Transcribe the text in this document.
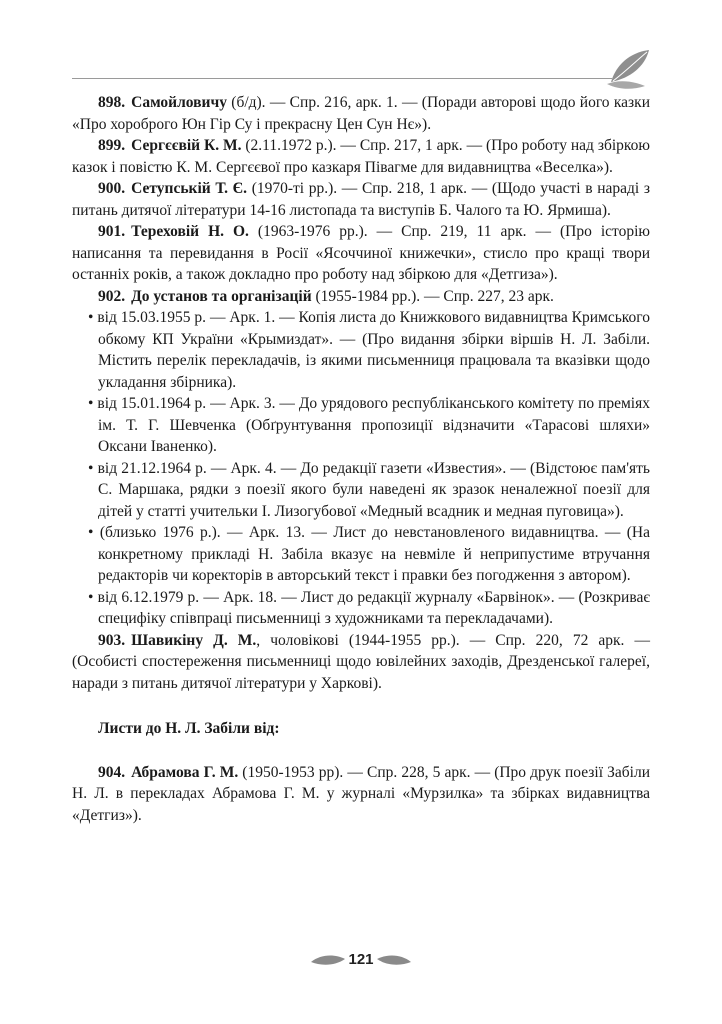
898. Самойловичу (б/д). — Спр. 216, арк. 1. — (Поради авторові щодо його казки «Про хороброго Юн Гір Су і прекрасну Цен Сун Нє»).

899. Сергєєвій К. М. (2.11.1972 р.). — Спр. 217, 1 арк. — (Про роботу над збіркою казок і повістю К. М. Сергєєвої про казкаря Півагме для видавництва «Веселка»).

900. Сетупській Т. Є. (1970-ті рр.). — Спр. 218, 1 арк. — (Щодо участі в нараді з питань дитячої літератури 14-16 листопада та виступів Б. Чалого та Ю. Ярмиша).

901. Тереховій Н. О. (1963-1976 рр.). — Спр. 219, 11 арк. — (Про історію написання та перевидання в Росії «Ясоччиної книжечки», стисло про кращі твори останніх років, а також докладно про роботу над збіркою для «Детгиза»).

902. До установ та організацій (1955-1984 рр.). — Спр. 227, 23 арк.

• від 15.03.1955 р. — Арк. 1. — Копія листа до Книжкового видавництва Кримського обкому КП України «Крымиздат». — (Про видання збірки віршів Н. Л. Забіли. Містить перелік перекладачів, із якими письменниця працювала та вказівки щодо укладання збірника).

• від 15.01.1964 р. — Арк. 3. — До урядового республіканського комітету по преміях ім. Т. Г. Шевченка (Обґрунтування пропозиції відзначити «Тарасові шляхи» Оксани Іваненко).

• від 21.12.1964 р. — Арк. 4. — До редакції газети «Известия». — (Відстоює пам'ять С. Маршака, рядки з поезії якого були наведені як зразок неналежної поезії для дітей у статті учительки І. Лизогубової «Медный всадник и медная пуговица»).

• (близько 1976 р.). — Арк. 13. — Лист до невстановленого видавництва. — (На конкретному прикладі Н. Забіла вказує на невміле й неприпустиме втручання редакторів чи коректорів в авторський текст і правки без погодження з автором).

• від 6.12.1979 р. — Арк. 18. — Лист до редакції журналу «Барвінок». — (Розкриває специфіку співпраці письменниці з художниками та перекладачами).

903. Шавикіну Д. М., чоловікові (1944-1955 рр.). — Спр. 220, 72 арк. — (Особисті спостереження письменниці щодо ювілейних заходів, Дрезденської галереї, наради з питань дитячої літератури у Харкові).

Листи до Н. Л. Забіли від:

904. Абрамова Г. М. (1950-1953 рр). — Спр. 228, 5 арк. — (Про друк поезії Забіли Н. Л. в перекладах Абрамова Г. М. у журналі «Мурзилка» та збірках видавництва «Детгиз»).

121
